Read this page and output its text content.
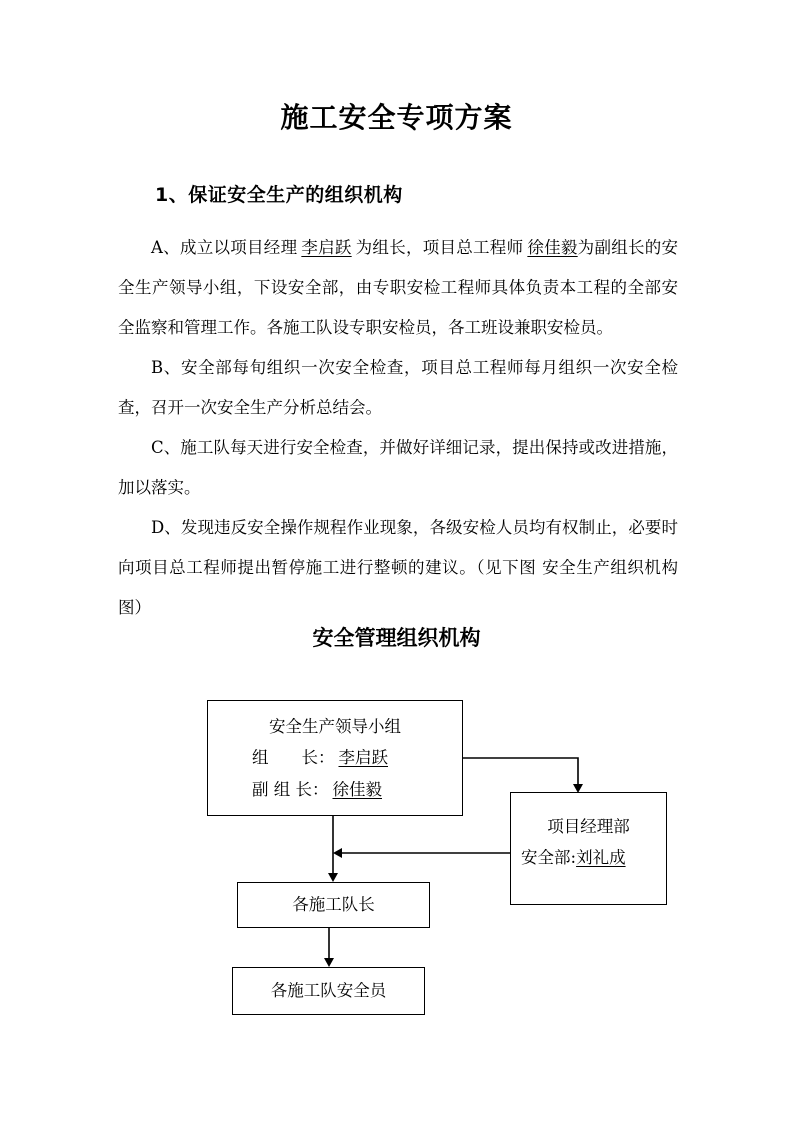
施工安全专项方案
1、保证安全生产的组织机构

A、成立以项目经理 李启跃 为组长，项目总工程师 徐佳毅为副组长的安全生产领导小组，下设安全部，由专职安检工程师具体负责本工程的全部安全监察和管理工作。各施工队设专职安检员，各工班设兼职安检员。

B、安全部每旬组织一次安全检查，项目总工程师每月组织一次安全检查，召开一次安全生产分析总结会。

C、施工队每天进行安全检查，并做好详细记录，提出保持或改进措施，加以落实。

D、发现违反安全操作规程作业现象，各级安检人员均有权制止，必要时向项目总工程师提出暂停施工进行整顿的建议。（见下图 安全生产组织机构图）

安全管理组织机构
安全生产领导小组
组　　长： 李启跃
副 组 长： 徐佳毅
项目经理部
安全部:刘礼成
各施工队长
各施工队安全员
